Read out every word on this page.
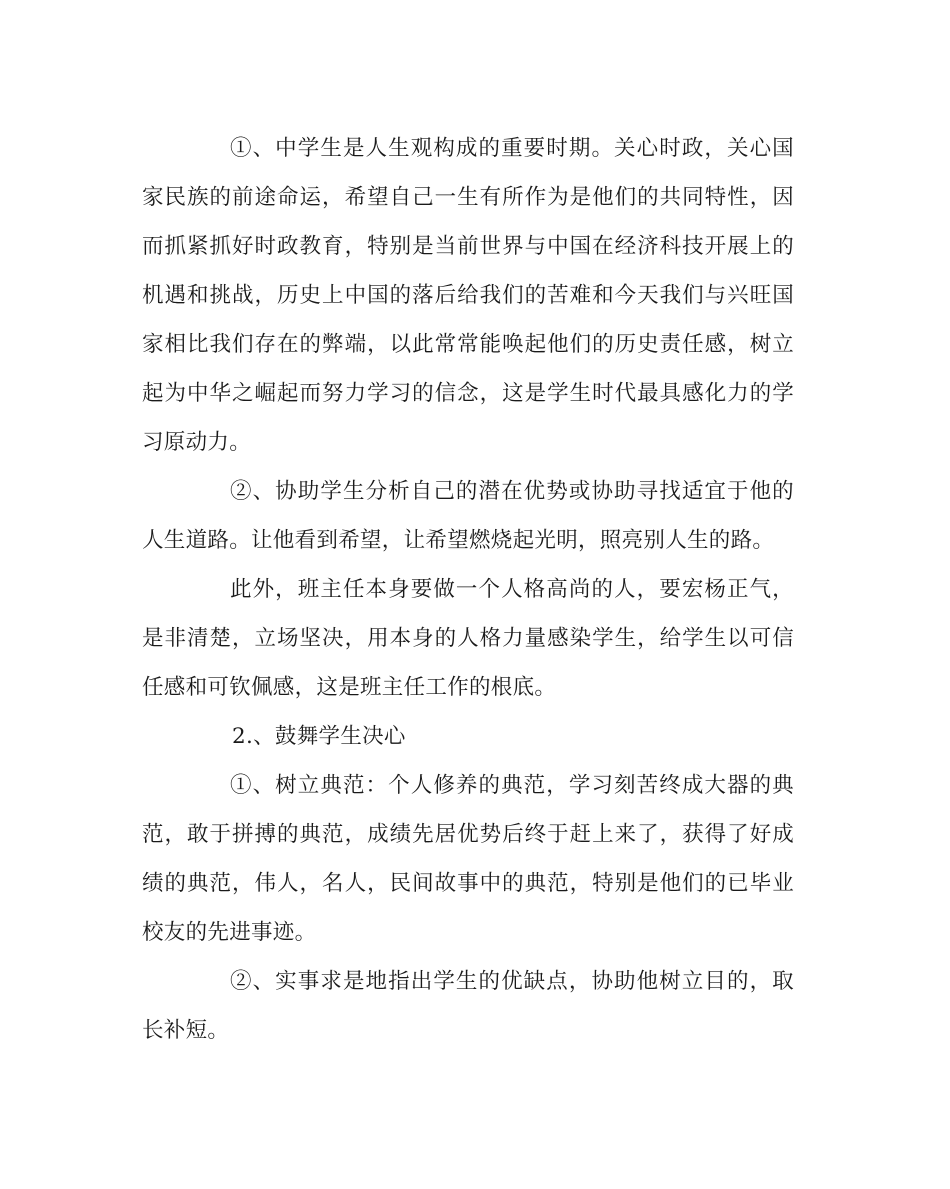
①、中学生是人生观构成的重要时期。关心时政，关心国家民族的前途命运，希望自己一生有所作为是他们的共同特性，因而抓紧抓好时政教育，特别是当前世界与中国在经济科技开展上的机遇和挑战，历史上中国的落后给我们的苦难和今天我们与兴旺国家相比我们存在的弊端，以此常常能唤起他们的历史责任感，树立起为中华之崛起而努力学习的信念，这是学生时代最具感化力的学习原动力。

②、协助学生分析自己的潜在优势或协助寻找适宜于他的人生道路。让他看到希望，让希望燃烧起光明，照亮别人生的路。

此外，班主任本身要做一个人格高尚的人，要宏杨正气，是非清楚，立场坚决，用本身的人格力量感染学生，给学生以可信任感和可钦佩感，这是班主任工作的根底。

2.、鼓舞学生决心

①、树立典范：个人修养的典范，学习刻苦终成大器的典范，敢于拼搏的典范，成绩先居优势后终于赶上来了，获得了好成绩的典范，伟人，名人，民间故事中的典范，特别是他们的已毕业校友的先进事迹。

②、实事求是地指出学生的优缺点，协助他树立目的，取长补短。
